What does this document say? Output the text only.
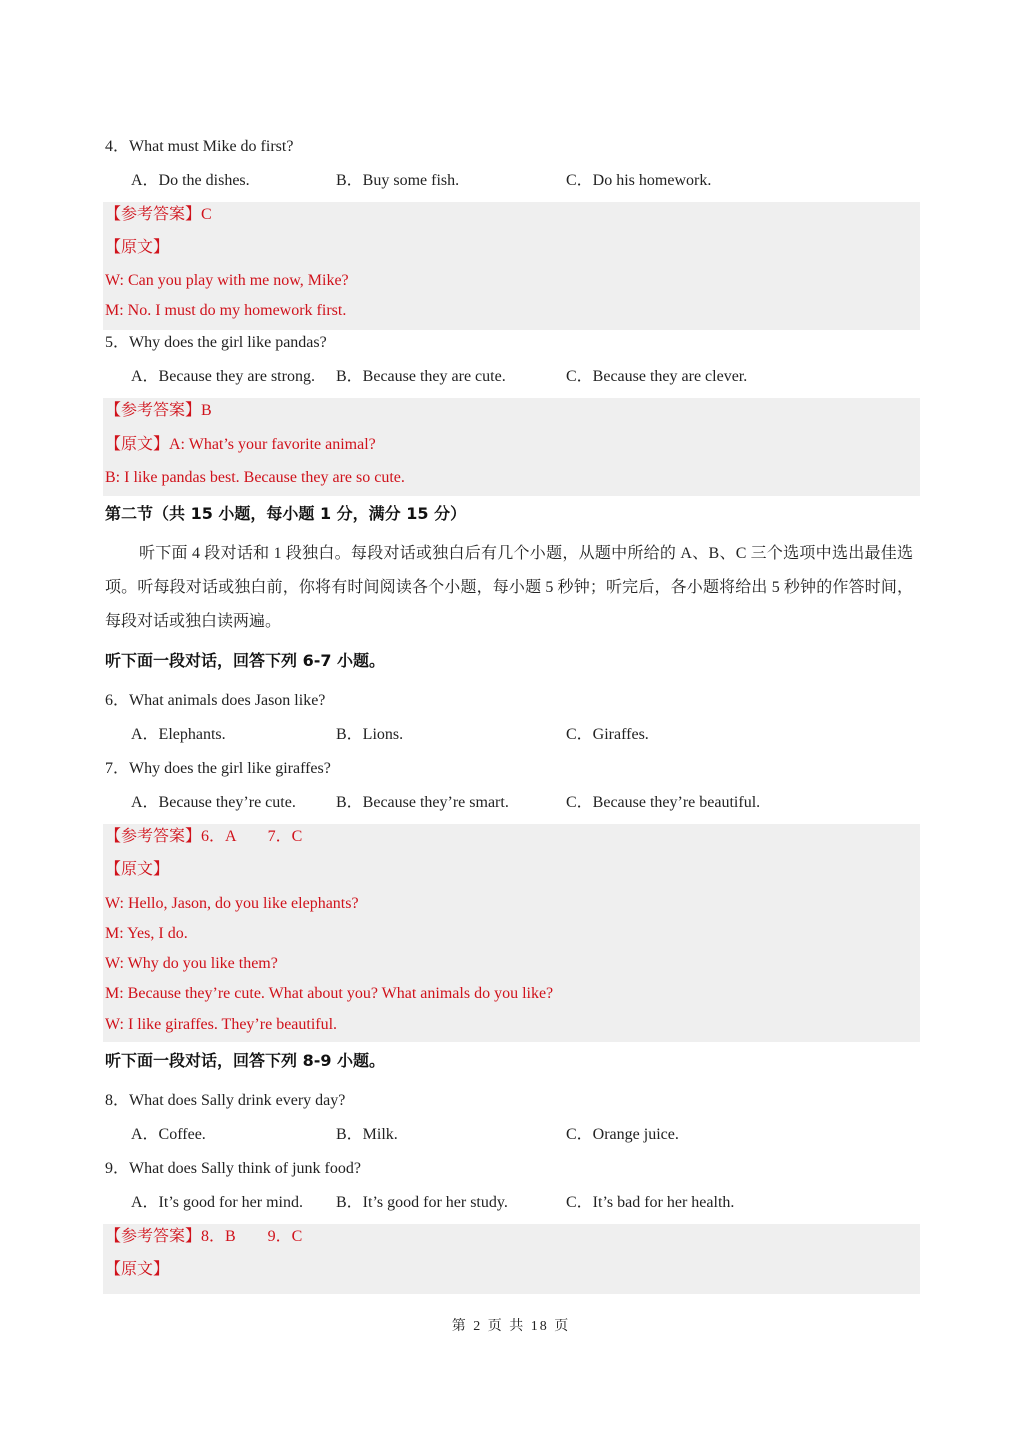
4．What must Mike do first?
A．Do the dishes.	B．Buy some fish.	C．Do his homework.
【参考答案】C
【原文】
W: Can you play with me now, Mike?
M: No. I must do my homework first.
5．Why does the girl like pandas?
A．Because they are strong. B．Because they are cute.	C．Because they are clever.
【参考答案】B
【原文】A: What’s your favorite animal?
B: I like pandas best. Because they are so cute.
第二节（共 15 小题，每小题 1 分，满分 15 分）
听下面 4 段对话和 1 段独白。每段对话或独白后有几个小题，从题中所给的 A、B、C 三个选项中选出最佳选项。听每段对话或独白前，你将有时间阅读各个小题，每小题 5 秒钟；听完后，各小题将给出 5 秒钟的作答时间，每段对话或独白读两遍。
听下面一段对话，回答下列 6-7 小题。
6．What animals does Jason like?
A．Elephants.	B．Lions.	C．Giraffes.
7．Why does the girl like giraffes?
A．Because they’re cute.	B．Because they’re smart.	C．Because they’re beautiful.
【参考答案】6．A　　7．C
【原文】
W: Hello, Jason, do you like elephants?
M: Yes, I do.
W: Why do you like them?
M: Because they’re cute. What about you? What animals do you like?
W: I like giraffes. They’re beautiful.
听下面一段对话，回答下列 8-9 小题。
8．What does Sally drink every day?
A．Coffee.	B．Milk.	C．Orange juice.
9．What does Sally think of junk food?
A．It’s good for her mind. B．It’s good for her study.	C．It’s bad for her health.
【参考答案】8．B　　9．C
【原文】
第 2 页 共 18 页
